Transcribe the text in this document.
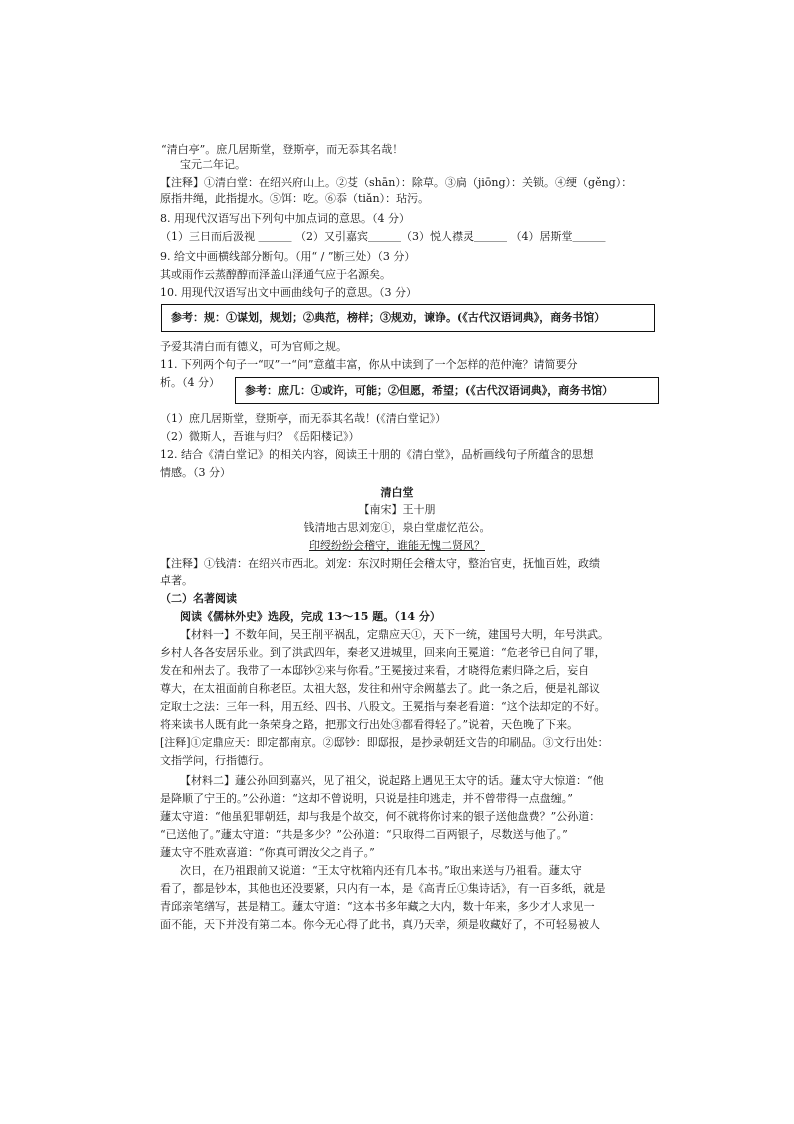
“清白亭”。庶几居斯堂，登斯亭，而无忝其名哉！
宝元二年记。
【注释】①清白堂：在绍兴府山上。②芟（shān）：除草。③扃（jiōng）：关锁。④绠（gěng）：
原指井绳，此指提水。⑤饵：吃。⑥忝（tiǎn）：玷污。
8. 用现代汉语写出下列句中加点词的意思。（4 分）
（1）三日而后汲视 ＿＿＿ （2）又引嘉宾＿＿＿（3）悦人襟灵＿＿＿ （4）居斯堂＿＿＿
9. 给文中画横线部分断句。（用“ / ”断三处）（3 分）
其或雨作云蒸醇醇而泽盖山泽通气应于名源矣。
10. 用现代汉语写出文中画曲线句子的意思。（3 分）
参考：规：①谋划，规划；②典范，榜样；③规劝，谏诤。(《古代汉语词典》，商务书馆）
予爱其清白而有德义，可为官师之规。
11. 下列两个句子一“叹”一“问”意蕴丰富，你从中读到了一个怎样的范仲淹？请简要分
析。（4 分）
参考：庶几：①或许，可能；②但愿，希望；(《古代汉语词典》，商务书馆）
（1）庶几居斯堂，登斯亭，而无忝其名哉！(《清白堂记》）
（2）微斯人，吾谁与归？《岳阳楼记》）
12. 结合《清白堂记》的相关内容，阅读王十朋的《清白堂》，品析画线句子所蕴含的思想
情感。（3 分）
清白堂
【南宋】王十朋
钱清地古思刘宠①，泉白堂虚忆范公。
印绶纷纷会稽守，谁能无愧二贤风？
【注释】①钱清：在绍兴市西北。刘宠：东汉时期任会稽太守，整治官吏，抚恤百姓，政绩
卓著。
（二）名著阅读
阅读《儒林外史》选段，完成 13～15 题。（14 分）
【材料一】不数年间，吴王削平祸乱，定鼎应天①，天下一统，建国号大明，年号洪武。
乡村人各各安居乐业。到了洪武四年，秦老又进城里，回来向王冕道：“危老爷已自问了罪，
发在和州去了。我带了一本邸钞②来与你看。”王冕接过来看，才晓得危素归降之后，妄自
尊大，在太祖面前自称老臣。太祖大怒，发往和州守余阙墓去了。此一条之后，便是礼部议
定取士之法：三年一科，用五经、四书、八股文。王冕指与秦老看道：“这个法却定的不好。
将来读书人既有此一条荣身之路，把那文行出处③都看得轻了。”说着，天色晚了下来。
[注释]①定鼎应天：即定都南京。②邸钞：即邸报，是抄录朝廷文告的印刷品。③文行出处：
文指学问，行指德行。
【材料二】蘧公孙回到嘉兴，见了祖父，说起路上遇见王太守的话。蘧太守大惊道：“他
是降顺了宁王的。”公孙道：“这却不曾说明，只说是挂印逃走，并不曾带得一点盘缠。”
蘧太守道：“他虽犯罪朝廷，却与我是个故交，何不就将你讨来的银子送他盘费？”公孙道：
“已送他了。”蘧太守道：“共是多少？”公孙道：“只取得二百两银子，尽数送与他了。”
蘧太守不胜欢喜道：“你真可谓汝父之肖子。”
次日，在乃祖跟前又说道：“王太守枕箱内还有几本书。”取出来送与乃祖看。蘧太守
看了，都是钞本，其他也还没要紧，只内有一本，是《高青丘①集诗话》，有一百多纸，就是
青邱亲笔缮写，甚是精工。蘧太守道：“这本书多年藏之大内，数十年来，多少才人求见一
面不能，天下并没有第二本。你今无心得了此书，真乃天幸，须是收藏好了，不可轻易被人
